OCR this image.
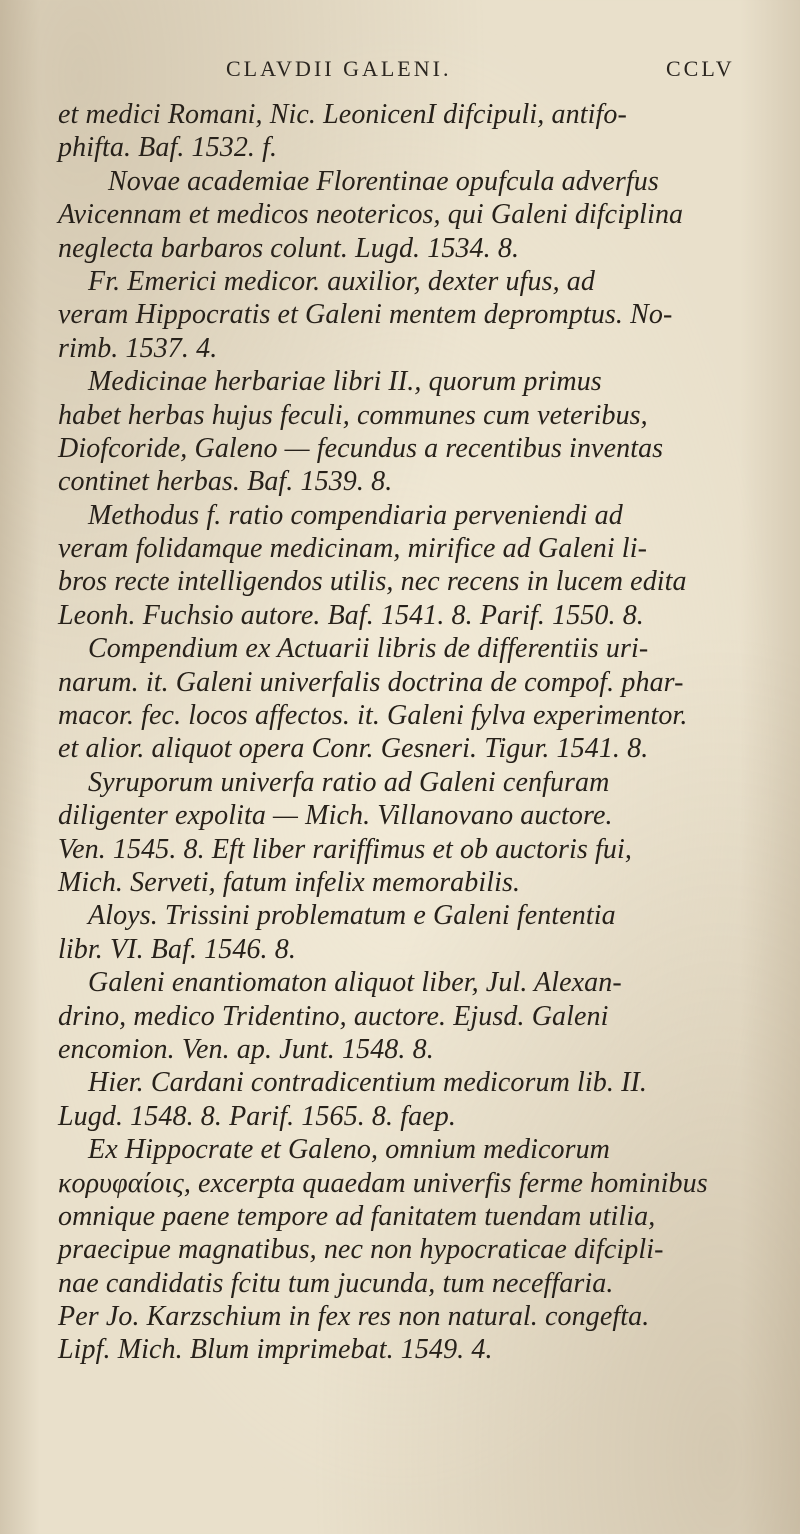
CLAVDII GALENI.	CCLV
et medici Romani, Nic. LeonicenI difcipuli, antifo-
phifta. Baf. 1532. f.
Novae academiae Florentinae opufcula adverfus
Avicennam et medicos neotericos, qui Galeni difciplina
neglecta barbaros colunt. Lugd. 1534. 8.
Fr. Emerici medicor. auxilior, dexter ufus, ad
veram Hippocratis et Galeni mentem depromptus. No-
rimb. 1537. 4.
Medicinae herbariae libri II., quorum primus
habet herbas hujus feculi, communes cum veteribus,
Diofcoride, Galeno — fecundus a recentibus inventas
continet herbas. Baf. 1539. 8.
Methodus f. ratio compendiaria perveniendi ad
veram folidamque medicinam, mirifice ad Galeni li-
bros recte intelligendos utilis, nec recens in lucem edita
Leonh. Fuchsio autore. Baf. 1541. 8. Parif. 1550. 8.
Compendium ex Actuarii libris de differentiis uri-
narum. it. Galeni univerfalis doctrina de compof. phar-
macor. fec. locos affectos. it. Galeni fylva experimentor.
et alior. aliquot opera Conr. Gesneri. Tigur. 1541. 8.
Syruporum univerfa ratio ad Galeni cenfuram
diligenter expolita — Mich. Villanovano auctore.
Ven. 1545. 8. Eft liber rariffimus et ob auctoris fui,
Mich. Serveti, fatum infelix memorabilis.
Aloys. Trissini problematum e Galeni fententia
libr. VI. Baf. 1546. 8.
Galeni enantiomaton aliquot liber, Jul. Alexan-
drino, medico Tridentino, auctore. Ejusd. Galeni
encomion. Ven. ap. Junt. 1548. 8.
Hier. Cardani contradicentium medicorum lib. II.
Lugd. 1548. 8. Parif. 1565. 8. faep.
Ex Hippocrate et Galeno, omnium medicorum
κορυφαίοις, excerpta quaedam univerfis ferme hominibus
omnique paene tempore ad fanitatem tuendam utilia,
praecipue magnatibus, nec non hypocraticae difcipli-
nae candidatis fcitu tum jucunda, tum neceffaria.
Per Jo. Karzschium in fex res non natural. congefta.
Lipf. Mich. Blum imprimebat. 1549. 4.
